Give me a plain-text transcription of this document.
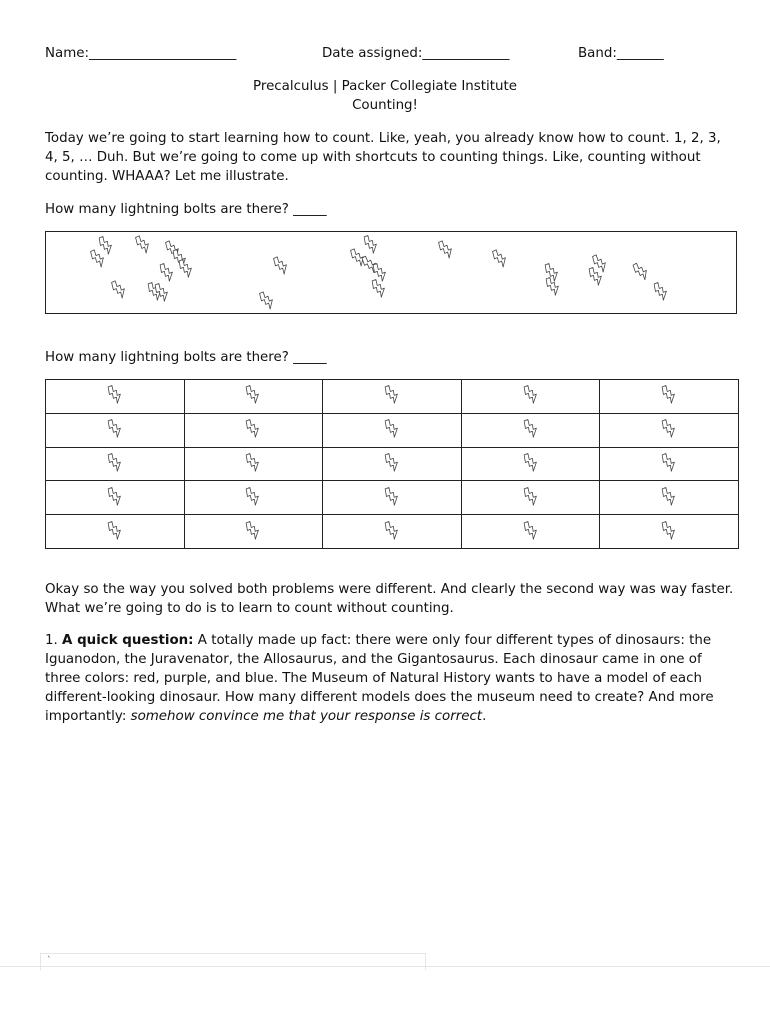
Name:______________________	Date assigned:_____________	Band:_______
Precalculus | Packer Collegiate Institute
Counting!

Today we’re going to start learning how to count. Like, yeah, you already know how to count. 1, 2, 3, 4, 5, … Duh. But we’re going to come up with shortcuts to counting things. Like, counting without counting. WHAAA? Let me illustrate.

How many lightning bolts are there? _____

How many lightning bolts are there? _____

Okay so the way you solved both problems were different. And clearly the second way was way faster. What we’re going to do is to learn to count without counting.

1. A quick question: A totally made up fact: there were only four different types of dinosaurs: the Iguanodon, the Juravenator, the Allosaurus, and the Gigantosaurus. Each dinosaur came in one of three colors: red, purple, and blue. The Museum of Natural History wants to have a model of each different-looking dinosaur. How many different models does the museum need to create? And more importantly: somehow convince me that your response is correct.

`
